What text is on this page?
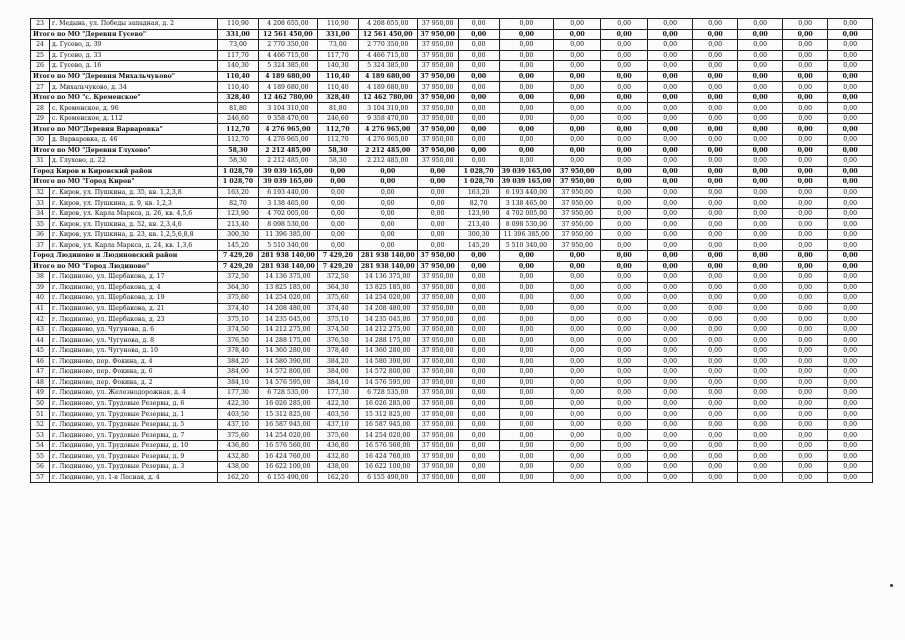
23	г. Медынь, ул. Победы западная, д. 2	110,90	4 208 655,00	110,90	4 208 655,00	37 950,00	0,00	0,00	0,00	0,00	0,00	0,00	0,00	0,00	0,00
Итого по МО "Деревня Гусево"		331,00	12 561 450,00	331,00	12 561 450,00	37 950,00	0,00	0,00	0,00	0,00	0,00	0,00	0,00	0,00	0,00
24	д. Гусево, д. 39	73,00	2 770 350,00	73,00	2 770 350,00	37 950,00	0,00	0,00	0,00	0,00	0,00	0,00	0,00	0,00	0,00
25	д. Гусево, д. 33	117,70	4 466 715,00	117,70	4 466 715,00	37 950,00	0,00	0,00	0,00	0,00	0,00	0,00	0,00	0,00	0,00
26	д. Гусево, д. 16	140,30	5 324 385,00	140,30	5 324 385,00	37 950,00	0,00	0,00	0,00	0,00	0,00	0,00	0,00	0,00	0,00
Итого по МО "Деревня Михальчуково"		110,40	4 189 680,00	110,40	4 189 680,00	37 950,00	0,00	0,00	0,00	0,00	0,00	0,00	0,00	0,00	0,00
27	д. Михальчуково, д. 34	110,40	4 189 680,00	110,40	4 189 680,00	37 950,00	0,00	0,00	0,00	0,00	0,00	0,00	0,00	0,00	0,00
Итого по МО "с. Кременское"		328,40	12 462 780,00	328,40	12 462 780,00	37 950,00	0,00	0,00	0,00	0,00	0,00	0,00	0,00	0,00	0,00
28	с. Кременское, д. 96	81,80	3 104 310,00	81,80	3 104 310,00	37 950,00	0,00	0,00	0,00	0,00	0,00	0,00	0,00	0,00	0,00
29	с. Кременское, д. 112	246,60	9 358 470,00	246,60	9 358 470,00	37 950,00	0,00	0,00	0,00	0,00	0,00	0,00	0,00	0,00	0,00
Итого по МО"Деревня Варваровка"		112,70	4 276 965,00	112,70	4 276 965,00	37 950,00	0,00	0,00	0,00	0,00	0,00	0,00	0,00	0,00	0,00
30	д. Варваровка, д. 46	112,70	4 276 965,00	112,70	4 276 965,00	37 950,00	0,00	0,00	0,00	0,00	0,00	0,00	0,00	0,00	0,00
Итого по МО "Деревня Глухово"		58,30	2 212 485,00	58,30	2 212 485,00	37 950,00	0,00	0,00	0,00	0,00	0,00	0,00	0,00	0,00	0,00
31	д. Глухово, д. 22	58,30	2 212 485,00	58,30	2 212 485,00	37 950,00	0,00	0,00	0,00	0,00	0,00	0,00	0,00	0,00	0,00
Город Киров и Кировский район		1 028,70	39 039 165,00	0,00	0,00	0,00	1 028,70	39 039 165,00	37 950,00	0,00	0,00	0,00	0,00	0,00	0,00
Итого по МО "Город Киров"		1 028,70	39 039 165,00	0,00	0,00	0,00	1 028,70	39 039 165,00	37 950,00	0,00	0,00	0,00	0,00	0,00	0,00
32	г. Киров, ул. Пушкина, д. 35, кв. 1,2,3,8	163,20	6 193 440,00	0,00	0,00	0,00	163,20	6 193 440,00	37 950,00	0,00	0,00	0,00	0,00	0,00	0,00
33	г. Киров, ул. Пушкина, д. 9, кв. 1,2,3	82,70	3 138 465,00	0,00	0,00	0,00	82,70	3 138 465,00	37 950,00	0,00	0,00	0,00	0,00	0,00	0,00
34	г. Киров, ул. Карла Маркса, д. 26, кв. 4,5,6	123,90	4 702 005,00	0,00	0,00	0,00	123,90	4 702 005,00	37 950,00	0,00	0,00	0,00	0,00	0,00	0,00
35	г. Киров, ул. Пушкина, д. 52, кв. 2,3,4,6	213,40	8 098 530,00	0,00	0,00	0,00	213,40	8 098 530,00	37 950,00	0,00	0,00	0,00	0,00	0,00	0,00
36	г. Киров, ул. Пушкина, д. 23, кв. 1,2,5,6,8,8	300,30	11 396 385,00	0,00	0,00	0,00	300,30	11 396 385,00	37 950,00	0,00	0,00	0,00	0,00	0,00	0,00
37	г. Киров, ул. Карла Маркса, д. 24, кв. 1,3,6	145,20	5 510 340,00	0,00	0,00	0,00	145,20	5 510 340,00	37 950,00	0,00	0,00	0,00	0,00	0,00	0,00
Город Людиново и Людиновский район		7 429,20	281 938 140,00	7 429,20	281 938 140,00	37 950,00	0,00	0,00	0,00	0,00	0,00	0,00	0,00	0,00	0,00
Итого по МО "Город Людиново"		7 429,20	281 938 140,00	7 429,20	281 938 140,00	37 950,00	0,00	0,00	0,00	0,00	0,00	0,00	0,00	0,00	0,00
38	г. Людиново, ул. Щербакова, д. 17	372,50	14 136 375,00	372,50	14 136 375,00	37 950,00	0,00	0,00	0,00	0,00	0,00	0,00	0,00	0,00	0,00
39	г. Людиново, ул. Щербакова, д. 4	364,30	13 825 185,00	364,30	13 825 185,00	37 950,00	0,00	0,00	0,00	0,00	0,00	0,00	0,00	0,00	0,00
40	г. Людиново, ул. Щербакова, д. 19	375,60	14 254 020,00	375,60	14 254 020,00	37 950,00	0,00	0,00	0,00	0,00	0,00	0,00	0,00	0,00	0,00
41	г. Людиново, ул. Щербакова, д. 21	374,40	14 208 480,00	374,40	14 208 480,00	37 950,00	0,00	0,00	0,00	0,00	0,00	0,00	0,00	0,00	0,00
42	г. Людиново, ул. Щербакова, д. 23	375,10	14 235 045,00	375,10	14 235 045,00	37 950,00	0,00	0,00	0,00	0,00	0,00	0,00	0,00	0,00	0,00
43	г. Людиново, ул. Чугунова, д. 6	374,50	14 212 275,00	374,50	14 212 275,00	37 950,00	0,00	0,00	0,00	0,00	0,00	0,00	0,00	0,00	0,00
44	г. Людиново, ул. Чугунова, д. 8	376,50	14 288 175,00	376,50	14 288 175,00	37 950,00	0,00	0,00	0,00	0,00	0,00	0,00	0,00	0,00	0,00
45	г. Людиново, ул. Чугунова, д. 10	378,40	14 360 280,00	378,40	14 360 280,00	37 950,00	0,00	0,00	0,00	0,00	0,00	0,00	0,00	0,00	0,00
46	г. Людиново, пер. Фокина, д. 4	384,20	14 580 390,00	384,20	14 580 390,00	37 950,00	0,00	0,00	0,00	0,00	0,00	0,00	0,00	0,00	0,00
47	г. Людиново, пер. Фокина, д. 6	384,00	14 572 800,00	384,00	14 572 800,00	37 950,00	0,00	0,00	0,00	0,00	0,00	0,00	0,00	0,00	0,00
48	г. Людиново, пер. Фокина, д. 2	384,10	14 576 595,00	384,10	14 576 595,00	37 950,00	0,00	0,00	0,00	0,00	0,00	0,00	0,00	0,00	0,00
49	г. Людиново, ул. Железнодорожная, д. 4	177,30	6 728 535,00	177,30	6 728 535,00	37 950,00	0,00	0,00	0,00	0,00	0,00	0,00	0,00	0,00	0,00
50	г. Людиново, ул. Трудовые Резервы, д. 6	422,30	16 026 285,00	422,30	16 026 285,00	37 950,00	0,00	0,00	0,00	0,00	0,00	0,00	0,00	0,00	0,00
51	г. Людиново, ул. Трудовые Резервы, д. 1	403,50	15 312 825,00	403,50	15 312 825,00	37 950,00	0,00	0,00	0,00	0,00	0,00	0,00	0,00	0,00	0,00
52	г. Людиново, ул. Трудовые Резервы, д. 5	437,10	16 587 945,00	437,10	16 587 945,00	37 950,00	0,00	0,00	0,00	0,00	0,00	0,00	0,00	0,00	0,00
53	г. Людиново, ул. Трудовые Резервы, д. 7	375,60	14 254 020,00	375,60	14 254 020,00	37 950,00	0,00	0,00	0,00	0,00	0,00	0,00	0,00	0,00	0,00
54	г. Людиново, ул. Трудовые Резервы, д. 10	436,80	16 576 560,00	436,80	16 576 560,00	37 950,00	0,00	0,00	0,00	0,00	0,00	0,00	0,00	0,00	0,00
55	г. Людиново, ул. Трудовые Резервы, д. 9	432,80	16 424 760,00	432,80	16 424 760,00	37 950,00	0,00	0,00	0,00	0,00	0,00	0,00	0,00	0,00	0,00
56	г. Людиново, ул. Трудовые Резервы, д. 3	438,00	16 622 100,00	438,00	16 622 100,00	37 950,00	0,00	0,00	0,00	0,00	0,00	0,00	0,00	0,00	0,00
57	г. Людиново, ул. 1-я Лесная, д. 4	162,20	6 155 490,00	162,20	6 155 490,00	37 950,00	0,00	0,00	0,00	0,00	0,00	0,00	0,00	0,00	0,00
